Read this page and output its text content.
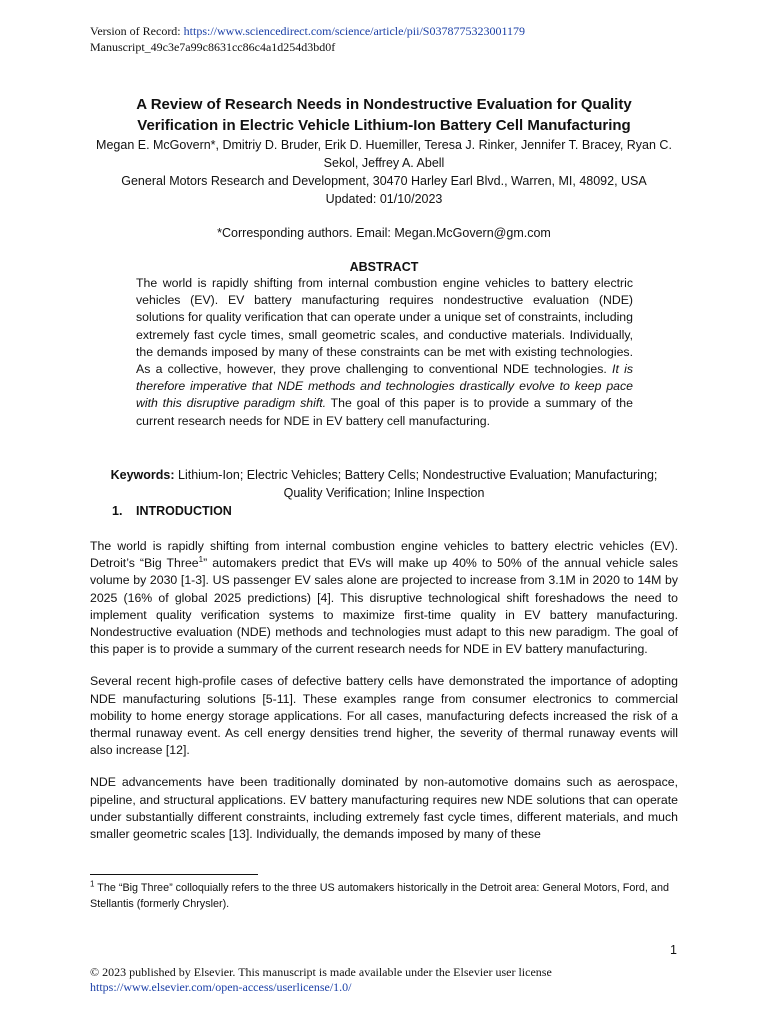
Version of Record: https://www.sciencedirect.com/science/article/pii/S0378775323001179
Manuscript_49c3e7a99c8631cc86c4a1d254d3bd0f

A Review of Research Needs in Nondestructive Evaluation for Quality

Verification in Electric Vehicle Lithium-Ion Battery Cell Manufacturing

Megan E. McGovern*, Dmitriy D. Bruder, Erik D. Huemiller, Teresa J. Rinker, Jennifer T. Bracey, Ryan C.

Sekol, Jeffrey A. Abell

General Motors Research and Development, 30470 Harley Earl Blvd., Warren, MI, 48092, USA

Updated: 01/10/2023

*Corresponding authors. Email: Megan.McGovern@gm.com

ABSTRACT
The world is rapidly shifting from internal combustion engine vehicles to battery electric vehicles (EV). EV battery manufacturing requires nondestructive evaluation (NDE) solutions for quality verification that can operate under a unique set of constraints, including extremely fast cycle times, small geometric scales, and conductive materials. Individually, the demands imposed by many of these constraints can be met with existing technologies. As a collective, however, they prove challenging to conventional NDE technologies. It is therefore imperative that NDE methods and technologies drastically evolve to keep pace with this disruptive paradigm shift. The goal of this paper is to provide a summary of the current research needs for NDE in EV battery cell manufacturing.
Keywords: Lithium-Ion; Electric Vehicles; Battery Cells; Nondestructive Evaluation; Manufacturing;
Quality Verification; Inline Inspection
1. INTRODUCTION

The world is rapidly shifting from internal combustion engine vehicles to battery electric vehicles (EV). Detroit’s “Big Three$^1$” automakers predict that EVs will make up 40% to 50% of the annual vehicle sales volume by 2030 [1-3]. US passenger EV sales alone are projected to increase from 3.1M in 2020 to 14M by 2025 (16% of global 2025 predictions) [4]. This disruptive technological shift foreshadows the need to implement quality verification systems to maximize first-time quality in EV battery manufacturing. Nondestructive evaluation (NDE) methods and technologies must adapt to this new paradigm. The goal of this paper is to provide a summary of the current research needs for NDE in EV battery manufacturing.

Several recent high-profile cases of defective battery cells have demonstrated the importance of adopting NDE manufacturing solutions [5-11]. These examples range from consumer electronics to commercial mobility to home energy storage applications. For all cases, manufacturing defects increased the risk of a thermal runaway event. As cell energy densities trend higher, the severity of thermal runaway events will also increase [12].

NDE advancements have been traditionally dominated by non-automotive domains such as aerospace, pipeline, and structural applications. EV battery manufacturing requires new NDE solutions that can operate under substantially different constraints, including extremely fast cycle times, different materials, and much smaller geometric scales [13]. Individually, the demands imposed by many of these

$^1$ The “Big Three” colloquially refers to the three US automakers historically in the Detroit area: General Motors, Ford, and Stellantis (formerly Chrysler).
1
© 2023 published by Elsevier. This manuscript is made available under the Elsevier user license
https://www.elsevier.com/open-access/userlicense/1.0/
